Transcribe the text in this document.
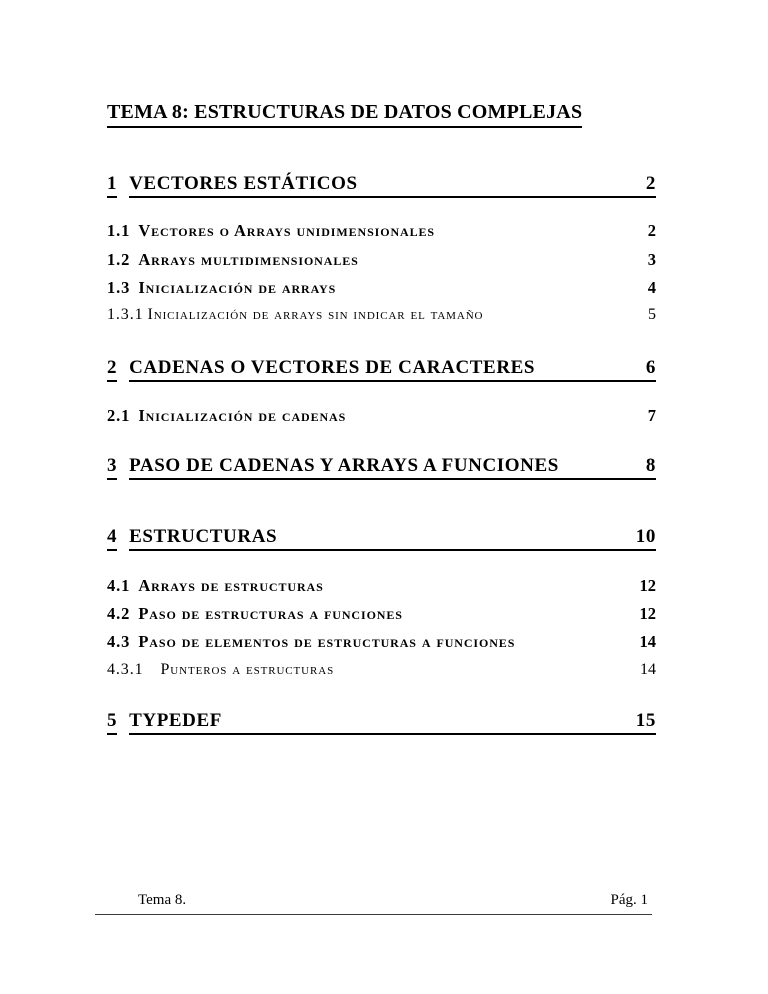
TEMA 8: ESTRUCTURAS DE DATOS COMPLEJAS
1 VECTORES ESTÁTICOS	2
1.1 Vectores o Arrays unidimensionales	2
1.2 Arrays multidimensionales	3
1.3 Inicialización de arrays	4
1.3.1 Inicialización de arrays sin indicar el tamaño	5
2 CADENAS O VECTORES DE CARACTERES	6
2.1 Inicialización de cadenas	7
3 PASO DE CADENAS Y ARRAYS A FUNCIONES	8
4 ESTRUCTURAS	10
4.1 Arrays de estructuras	12
4.2 Paso de estructuras a funciones	12
4.3 Paso de elementos de estructuras a funciones	14
4.3.1 Punteros a estructuras	14
5 TYPEDEF	15
Tema 8.	Pág. 1
